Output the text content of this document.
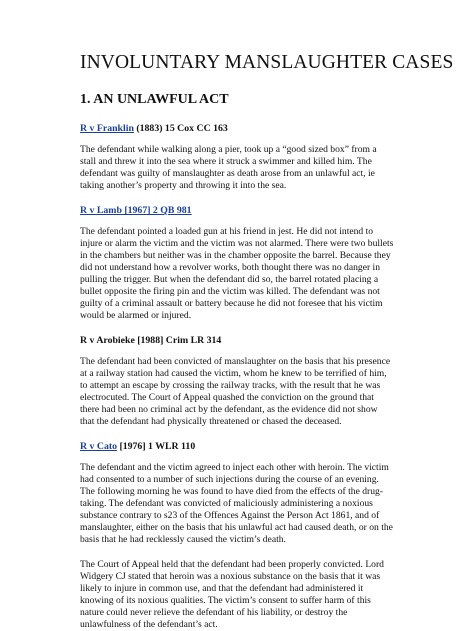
INVOLUNTARY MANSLAUGHTER CASES
1. AN UNLAWFUL ACT

R v Franklin (1883) 15 Cox CC 163

The defendant while walking along a pier, took up a “good sized box” from a stall and threw it into the sea where it struck a swimmer and killed him. The defendant was guilty of manslaughter as death arose from an unlawful act, ie taking another’s property and throwing it into the sea.

R v Lamb [1967] 2 QB 981

The defendant pointed a loaded gun at his friend in jest. He did not intend to injure or alarm the victim and the victim was not alarmed. There were two bullets in the chambers but neither was in the chamber opposite the barrel. Because they did not understand how a revolver works, both thought there was no danger in pulling the trigger. But when the defendant did so, the barrel rotated placing a bullet opposite the firing pin and the victim was killed. The defendant was not guilty of a criminal assault or battery because he did not foresee that his victim would be alarmed or injured.

R v Arobieke [1988] Crim LR 314

The defendant had been convicted of manslaughter on the basis that his presence at a railway station had caused the victim, whom he knew to be terrified of him, to attempt an escape by crossing the railway tracks, with the result that he was electrocuted. The Court of Appeal quashed the conviction on the ground that there had been no criminal act by the defendant, as the evidence did not show that the defendant had physically threatened or chased the deceased.

R v Cato [1976] 1 WLR 110

The defendant and the victim agreed to inject each other with heroin. The victim had consented to a number of such injections during the course of an evening. The following morning he was found to have died from the effects of the drug-taking. The defendant was convicted of maliciously administering a noxious substance contrary to s23 of the Offences Against the Person Act 1861, and of manslaughter, either on the basis that his unlawful act had caused death, or on the basis that he had recklessly caused the victim’s death.

The Court of Appeal held that the defendant had been properly convicted. Lord Widgery CJ stated that heroin was a noxious substance on the basis that it was likely to injure in common use, and that the defendant had administered it knowing of its noxious qualities. The victim’s consent to suffer harm of this nature could never relieve the defendant of his liability, or destroy the unlawfulness of the defendant’s act.
